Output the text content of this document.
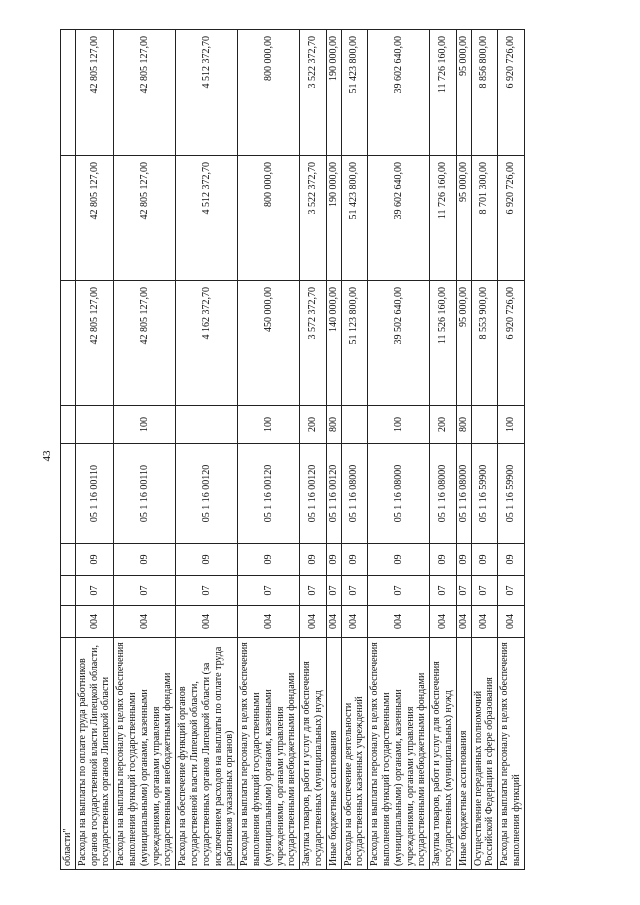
43
области"								
Расходы на выплаты по оплате труда работников органов государственной власти Липецкой области, государственных органов Липецкой области	004	07	09	05 1 16 00110		42 805 127,00	42 805 127,00	42 805 127,00
Расходы на выплаты персоналу в целях обеспечения выполнения функций государственными (муниципальными) органами, казенными учреждениями, органами управления государственными внебюджетными фондами	004	07	09	05 1 16 00110	100	42 805 127,00	42 805 127,00	42 805 127,00
Расходы на обеспечение функций органов государственной власти Липецкой области, государственных органов Липецкой области (за исключением расходов на выплаты по оплате труда работников указанных органов)	004	07	09	05 1 16 00120		4 162 372,70	4 512 372,70	4 512 372,70
Расходы на выплаты персоналу в целях обеспечения выполнения функций государственными (муниципальными) органами, казенными учреждениями, органами управления государственными внебюджетными фондами	004	07	09	05 1 16 00120	100	450 000,00	800 000,00	800 000,00
Закупка товаров, работ и услуг для обеспечения государственных (муниципальных) нужд	004	07	09	05 1 16 00120	200	3 572 372,70	3 522 372,70	3 522 372,70
Иные бюджетные ассигнования	004	07	09	05 1 16 00120	800	140 000,00	190 000,00	190 000,00
Расходы на обеспечение деятельности государственных казенных учреждений	004	07	09	05 1 16 08000		51 123 800,00	51 423 800,00	51 423 800,00
Расходы на выплаты персоналу в целях обеспечения выполнения функций государственными (муниципальными) органами, казенными учреждениями, органами управления государственными внебюджетными фондами	004	07	09	05 1 16 08000	100	39 502 640,00	39 602 640,00	39 602 640,00
Закупка товаров, работ и услуг для обеспечения государственных (муниципальных) нужд	004	07	09	05 1 16 08000	200	11 526 160,00	11 726 160,00	11 726 160,00
Иные бюджетные ассигнования	004	07	09	05 1 16 08000	800	95 000,00	95 000,00	95 000,00
Осуществление переданных полномочий Российской Федерации в сфере образования	004	07	09	05 1 16 59900		8 553 900,00	8 701 300,00	8 856 800,00
Расходы на выплаты персоналу в целях обеспечения выполнения функций	004	07	09	05 1 16 59900	100	6 920 726,00	6 920 726,00	6 920 726,00
